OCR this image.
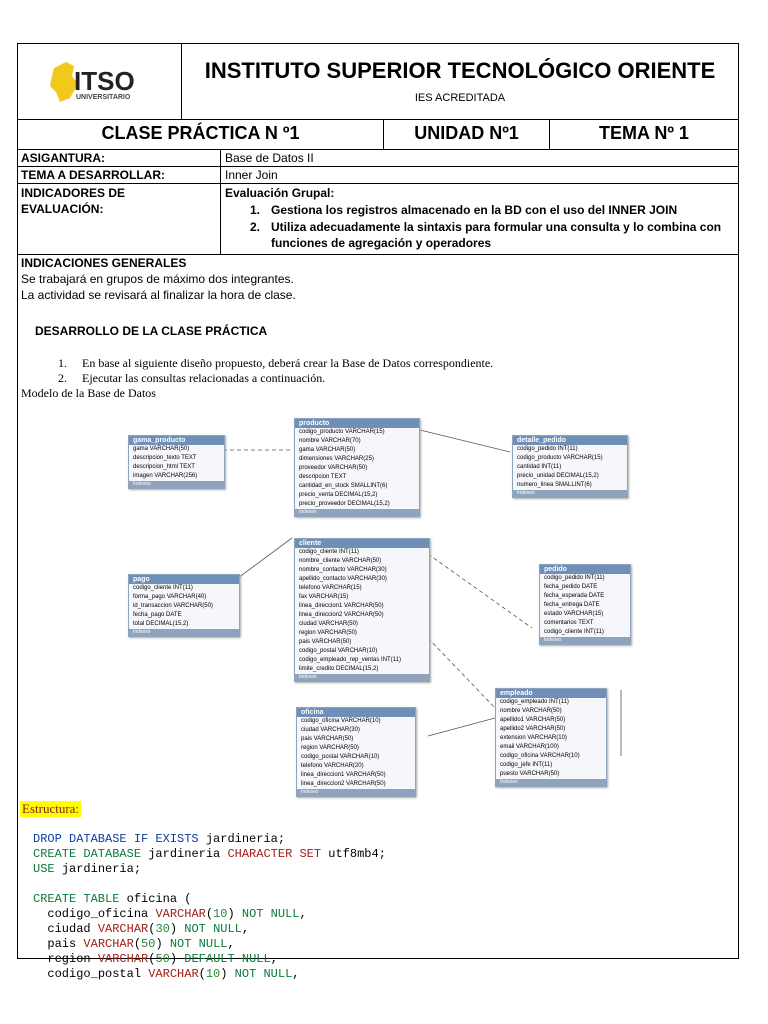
ITSO
UNIVERSITARIO
INSTITUTO SUPERIOR TECNOLÓGICO ORIENTE
IES ACREDITADA
CLASE PRÁCTICA N º1	UNIDAD Nº1	TEMA Nº 1
ASIGANTURA:	Base de Datos II
TEMA A DESARROLLAR:	Inner Join
INDICADORES DE
EVALUACIÓN:
Evaluación Grupal:
1. Gestiona los registros almacenado en la BD con el uso del INNER JOIN
2. Utiliza adecuadamente la sintaxis para formular una consulta y lo combina con
funciones de agregación y operadores
INDICACIONES GENERALES
Se trabajará en grupos de máximo dos integrantes.
La actividad se revisará al finalizar la hora de clase.
DESARROLLO DE LA CLASE PRÁCTICA
1. En base al siguiente diseño propuesto, deberá crear la Base de Datos correspondiente.
2. Ejecutar las consultas relacionadas a continuación.
Modelo de la Base de Datos
gama_producto
gama VARCHAR(50)
descripcion_texto TEXT
descripcion_html TEXT
imagen VARCHAR(256)
Indexes
producto
codigo_producto VARCHAR(15)
nombre VARCHAR(70)
gama VARCHAR(50)
dimensiones VARCHAR(25)
proveedor VARCHAR(50)
descripcion TEXT
cantidad_en_stock SMALLINT(6)
precio_venta DECIMAL(15,2)
precio_proveedor DECIMAL(15,2)
Indexes
detalle_pedido
codigo_pedido INT(11)
codigo_producto VARCHAR(15)
cantidad INT(11)
precio_unidad DECIMAL(15,2)
numero_linea SMALLINT(6)
Indexes
cliente
codigo_cliente INT(11)
nombre_cliente VARCHAR(50)
nombre_contacto VARCHAR(30)
apellido_contacto VARCHAR(30)
telefono VARCHAR(15)
fax VARCHAR(15)
linea_direccion1 VARCHAR(50)
linea_direccion2 VARCHAR(50)
ciudad VARCHAR(50)
region VARCHAR(50)
pais VARCHAR(50)
codigo_postal VARCHAR(10)
codigo_empleado_rep_ventas INT(11)
limite_credito DECIMAL(15,2)
Indexes
pago
codigo_cliente INT(11)
forma_pago VARCHAR(40)
id_transaccion VARCHAR(50)
fecha_pago DATE
total DECIMAL(15,2)
Indexes
pedido
codigo_pedido INT(11)
fecha_pedido DATE
fecha_esperada DATE
fecha_entrega DATE
estado VARCHAR(15)
comentarios TEXT
codigo_cliente INT(11)
Indexes
empleado
codigo_empleado INT(11)
nombre VARCHAR(50)
apellido1 VARCHAR(50)
apellido2 VARCHAR(50)
extension VARCHAR(10)
email VARCHAR(100)
codigo_oficina VARCHAR(10)
codigo_jefe INT(11)
puesto VARCHAR(50)
Indexes
oficina
codigo_oficina VARCHAR(10)
ciudad VARCHAR(30)
pais VARCHAR(50)
region VARCHAR(50)
codigo_postal VARCHAR(10)
telefono VARCHAR(20)
linea_direccion1 VARCHAR(50)
linea_direccion2 VARCHAR(50)
Indexes
Estructura:

DROP DATABASE IF EXISTS jardineria;
CREATE DATABASE jardineria CHARACTER SET utf8mb4;
USE jardineria;

CREATE TABLE oficina (
codigo_oficina VARCHAR(10) NOT NULL,
ciudad VARCHAR(30) NOT NULL,
pais VARCHAR(50) NOT NULL,
region VARCHAR(50) DEFAULT NULL,
codigo_postal VARCHAR(10) NOT NULL,
